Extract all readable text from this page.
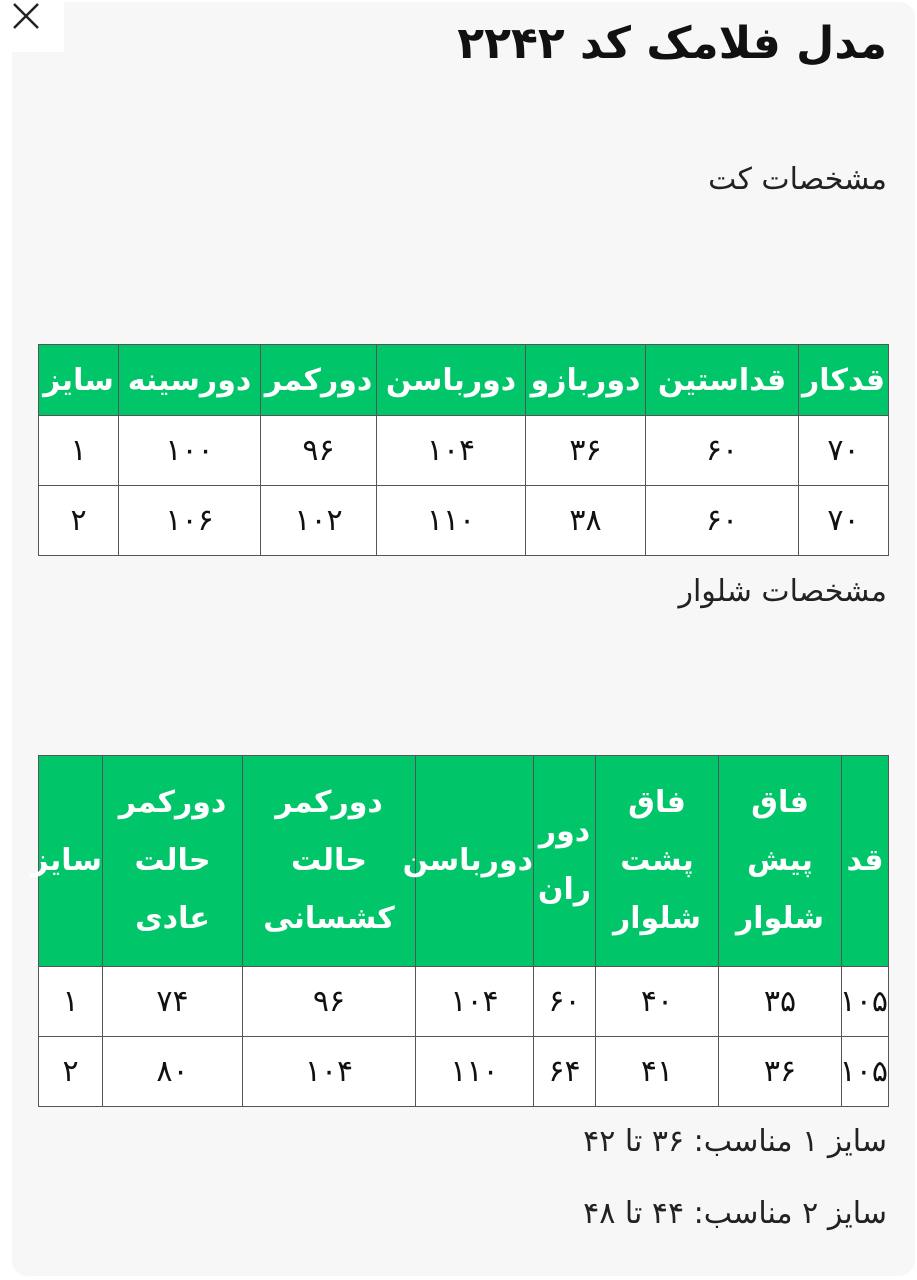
مدل فلامک کد ۲۲۴۲
مشخصات کت
قدکار	قداستین	دوربازو	دورباسن	دورکمر	دورسینه	سایز
۷۰	۶۰	۳۶	۱۰۴	۹۶	۱۰۰	۱
۷۰	۶۰	۳۸	۱۱۰	۱۰۲	۱۰۶	۲
مشخصات شلوار
قد	فاق پیش شلوار	فاق پشت شلوار	دور ران	دورباسن	دورکمر حالت کشسانی	دورکمر حالت عادی	سایز
۱۰۵	۳۵	۴۰	۶۰	۱۰۴	۹۶	۷۴	۱
۱۰۵	۳۶	۴۱	۶۴	۱۱۰	۱۰۴	۸۰	۲
سایز ۱ مناسب: ۳۶ تا ۴۲
سایز ۲ مناسب: ۴۴ تا ۴۸
